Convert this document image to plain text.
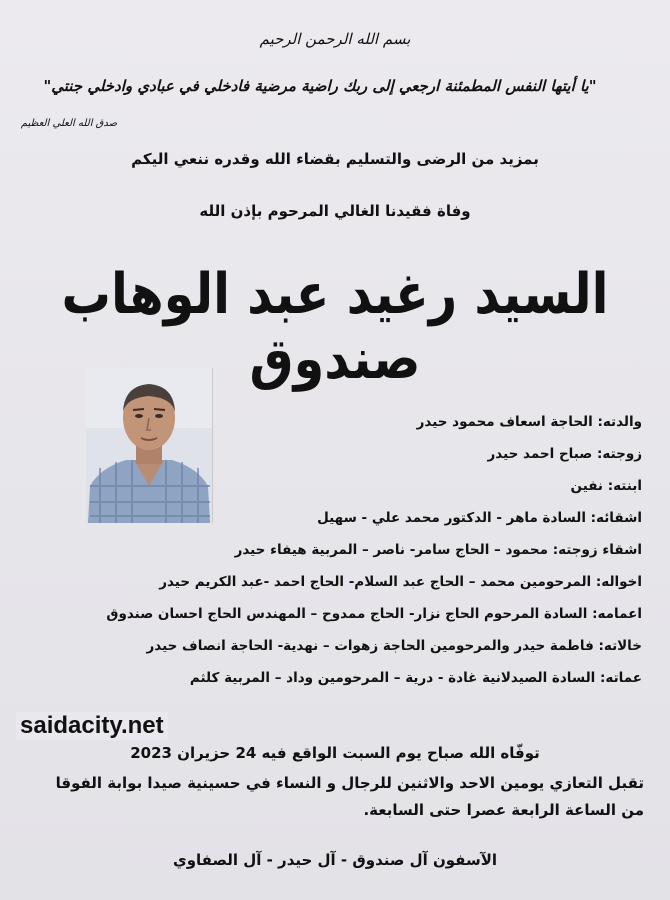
بسم الله الرحمن الرحيم
"يا أيتها النفس المطمئنة ارجعي إلى ربك راضية مرضية فادخلي في عبادي وادخلي جنتي"
صدق الله العلي العظيم
بمزيد من الرضى والتسليم بقضاء الله وقدره ننعي اليكم
وفاة فقيدنا الغالي المرحوم بإذن الله
السيد رغيد عبد الوهاب صندوق
والدته: الحاجة اسعاف محمود حيدر
زوجته: صباح احمد حيدر
ابنته: نفين
اشقائه: السادة ماهر - الدكتور محمد علي - سهيل
اشقاء زوجته: محمود – الحاج سامر- ناصر – المربية هيفاء حيدر
اخواله: المرحومين محمد – الحاج عبد السلام- الحاج احمد -عبد الكريم حيدر
اعمامه: السادة المرحوم الحاج نزار- الحاج ممدوح – المهندس الحاج احسان صندوق
خالاته: فاطمة حيدر والمرحومين الحاجة زهوات – نهدية- الحاجة انصاف حيدر
عماته: السادة الصيدلانية غادة - درية – المرحومين وداد – المربية كلثم
saidacity.net
توفّاه الله صباح يوم السبت الواقع فيه 24 حزيران 2023
تقبل التعازي يومين الاحد والاثنين للرجال و النساء في حسينية صيدا بوابة الفوقا
من الساعة الرابعة عصرا حتى السابعة.
الآسفون آل صندوق - آل حيدر - آل الصفاوي
